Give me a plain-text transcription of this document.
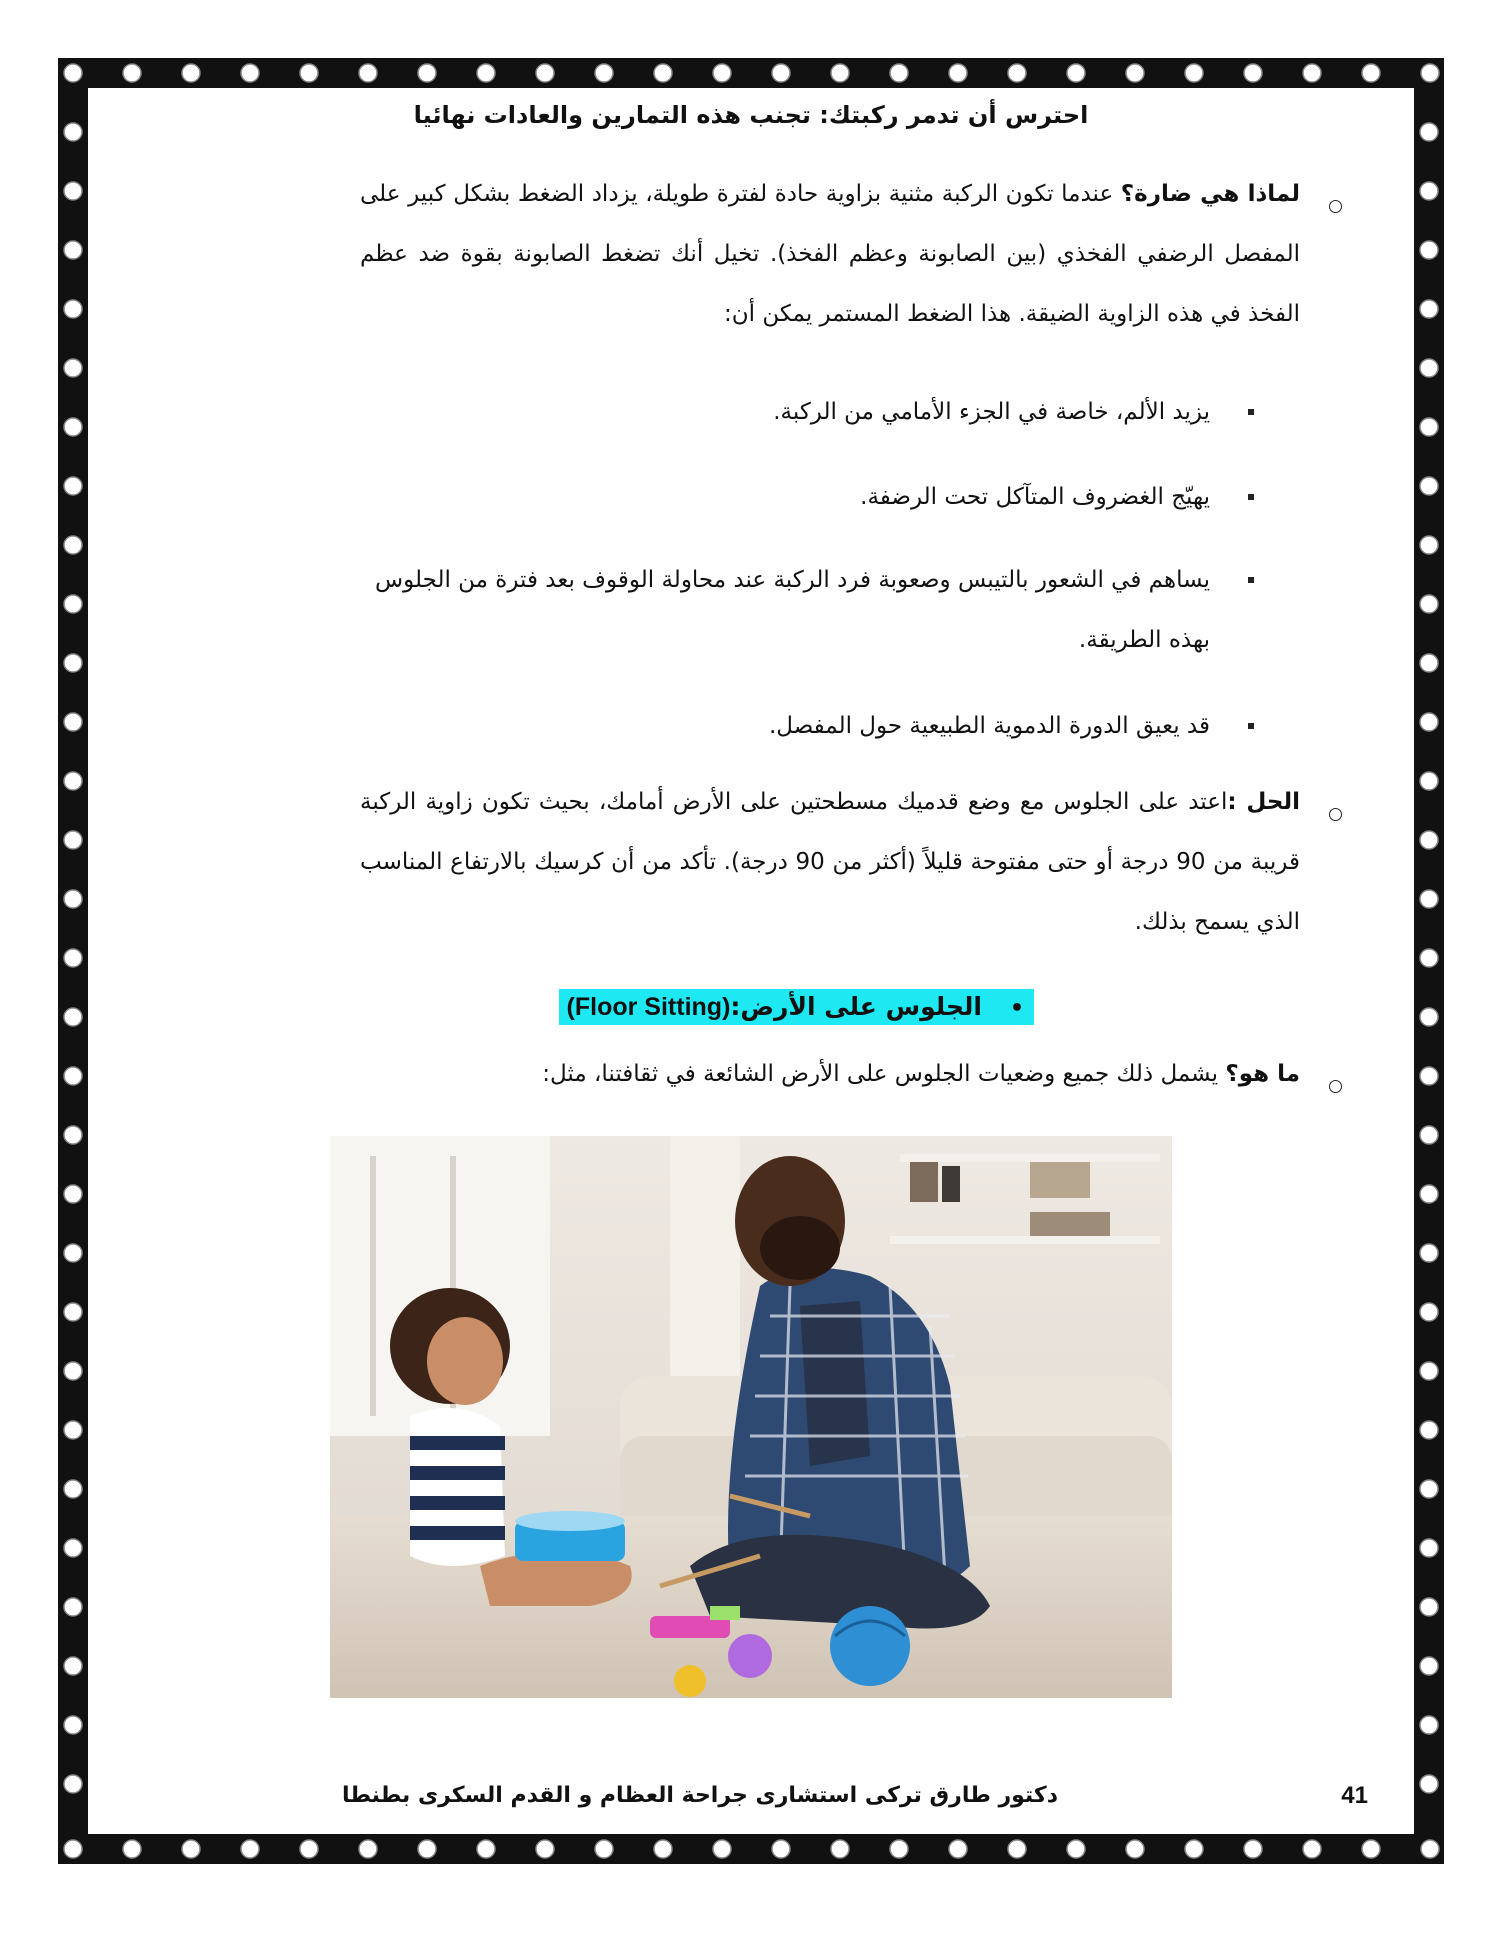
احترس أن تدمر ركبتك: تجنب هذه التمارين والعادات نهائيا
لماذا هي ضارة؟ عندما تكون الركبة مثنية بزاوية حادة لفترة طويلة، يزداد الضغط بشكل كبير على المفصل الرضفي الفخذي (بين الصابونة وعظم الفخذ). تخيل أنك تضغط الصابونة بقوة ضد عظم الفخذ في هذه الزاوية الضيقة. هذا الضغط المستمر يمكن أن:
يزيد الألم، خاصة في الجزء الأمامي من الركبة.
يهيّج الغضروف المتآكل تحت الرضفة.
يساهم في الشعور بالتيبس وصعوبة فرد الركبة عند محاولة الوقوف بعد فترة من الجلوس بهذه الطريقة.
قد يعيق الدورة الدموية الطبيعية حول المفصل.
الحل :اعتد على الجلوس مع وضع قدميك مسطحتين على الأرض أمامك، بحيث تكون زاوية الركبة قريبة من 90 درجة أو حتى مفتوحة قليلاً (أكثر من 90 درجة). تأكد من أن كرسيك بالارتفاع المناسب الذي يسمح بذلك.
•الجلوس على الأرض:(Floor Sitting)
ما هو؟ يشمل ذلك جميع وضعيات الجلوس على الأرض الشائعة في ثقافتنا، مثل:
دكتور طارق تركى استشارى جراحة العظام و القدم السكرى بطنطا	41
